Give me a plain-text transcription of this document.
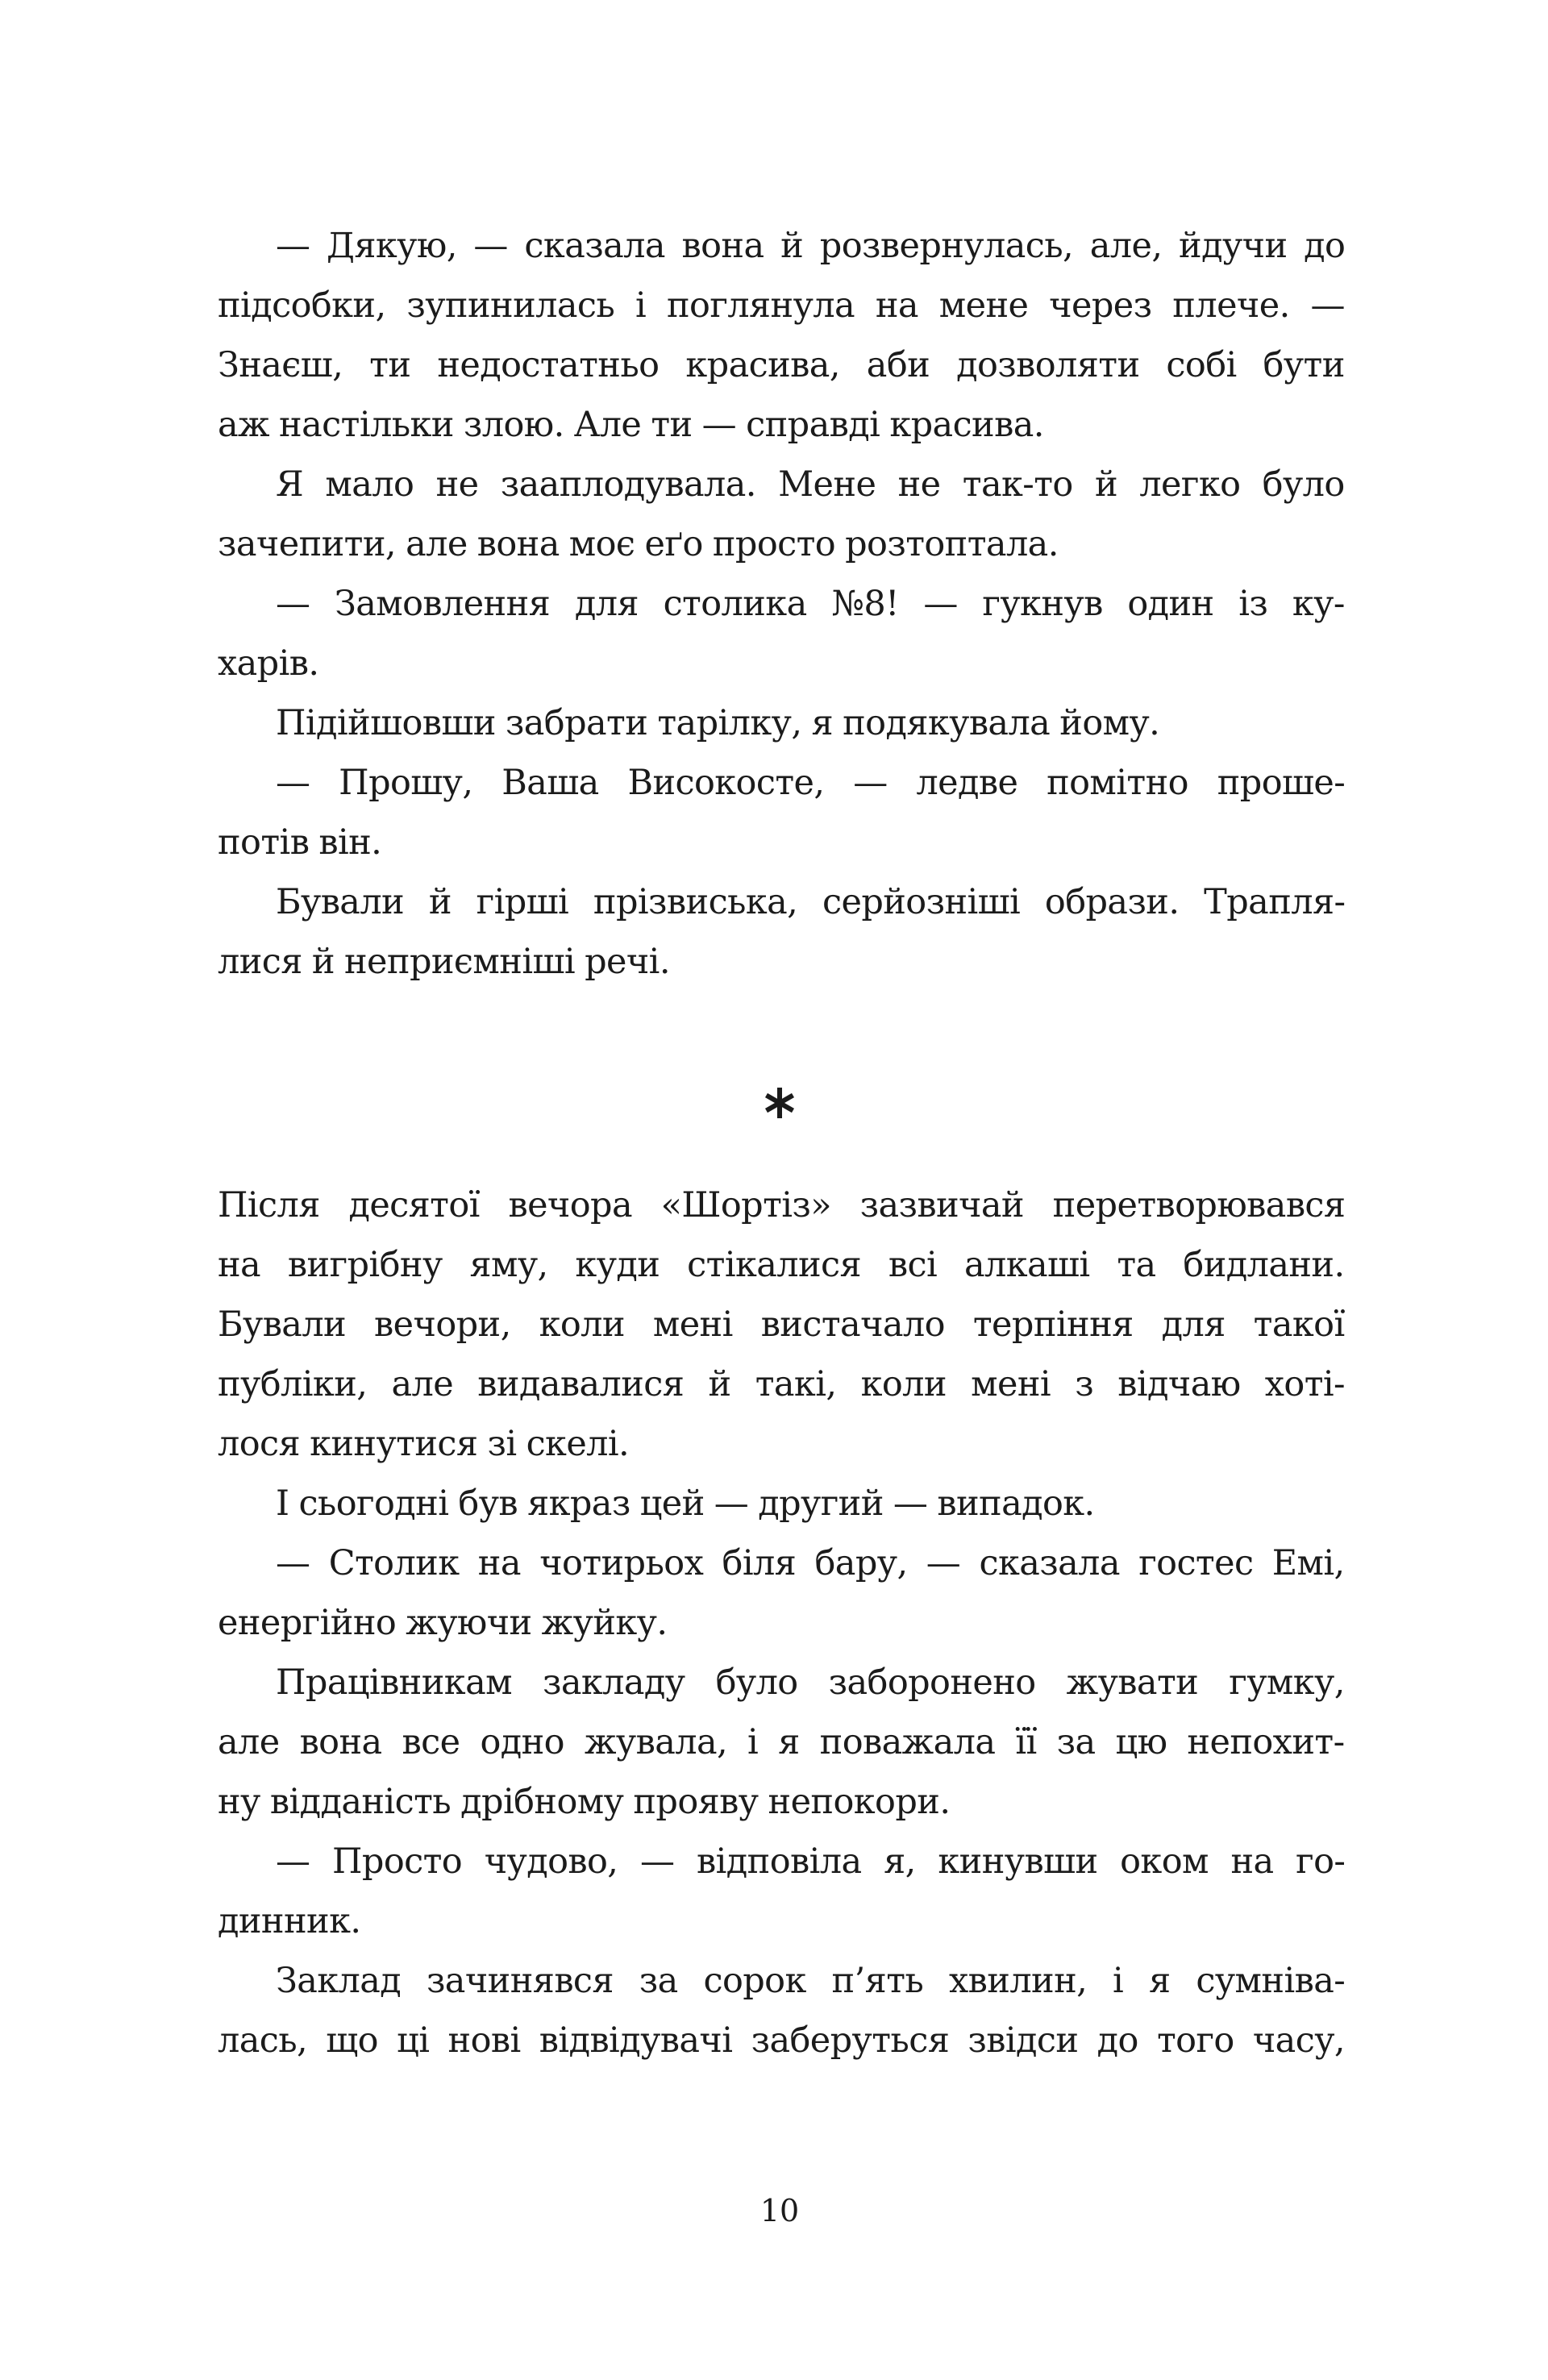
— Дякую, — сказала вона й розвернулась, але, йдучи до
підсобки, зупинилась і поглянула на мене через плече. —
Знаєш, ти недостатньо красива, аби дозволяти собі бути
аж настільки злою. Але ти — справді красива.
Я мало не зааплодувала. Мене не так-то й легко було
зачепити, але вона моє еґо просто розтоптала.
— Замовлення для столика №8! — гукнув один із ку-
харів.
Підійшовши забрати тарілку, я подякувала йому.
— Прошу, Ваша Високосте, — ледве помітно проше-
потів він.
Бували й гірші прізвиська, серйозніші образи. Трапля-
лися й неприємніші речі.
Після десятої вечора «Шортіз» зазвичай перетворювався
на вигрібну яму, куди стікалися всі алкаші та бидлани.
Бували вечори, коли мені вистачало терпіння для такої
публіки, але видавалися й такі, коли мені з відчаю хоті-
лося кинутися зі скелі.
І сьогодні був якраз цей — другий — випадок.
— Столик на чотирьох біля бару, — сказала гостес Емі,
енергійно жуючи жуйку.
Працівникам закладу було заборонено жувати гумку,
але вона все одно жувала, і я поважала її за цю непохит-
ну відданість дрібному прояву непокори.
— Просто чудово, — відповіла я, кинувши оком на го-
динник.
Заклад зачинявся за сорок п’ять хвилин, і я сумніва-
лась, що ці нові відвідувачі заберуться звідси до того часу,
10
